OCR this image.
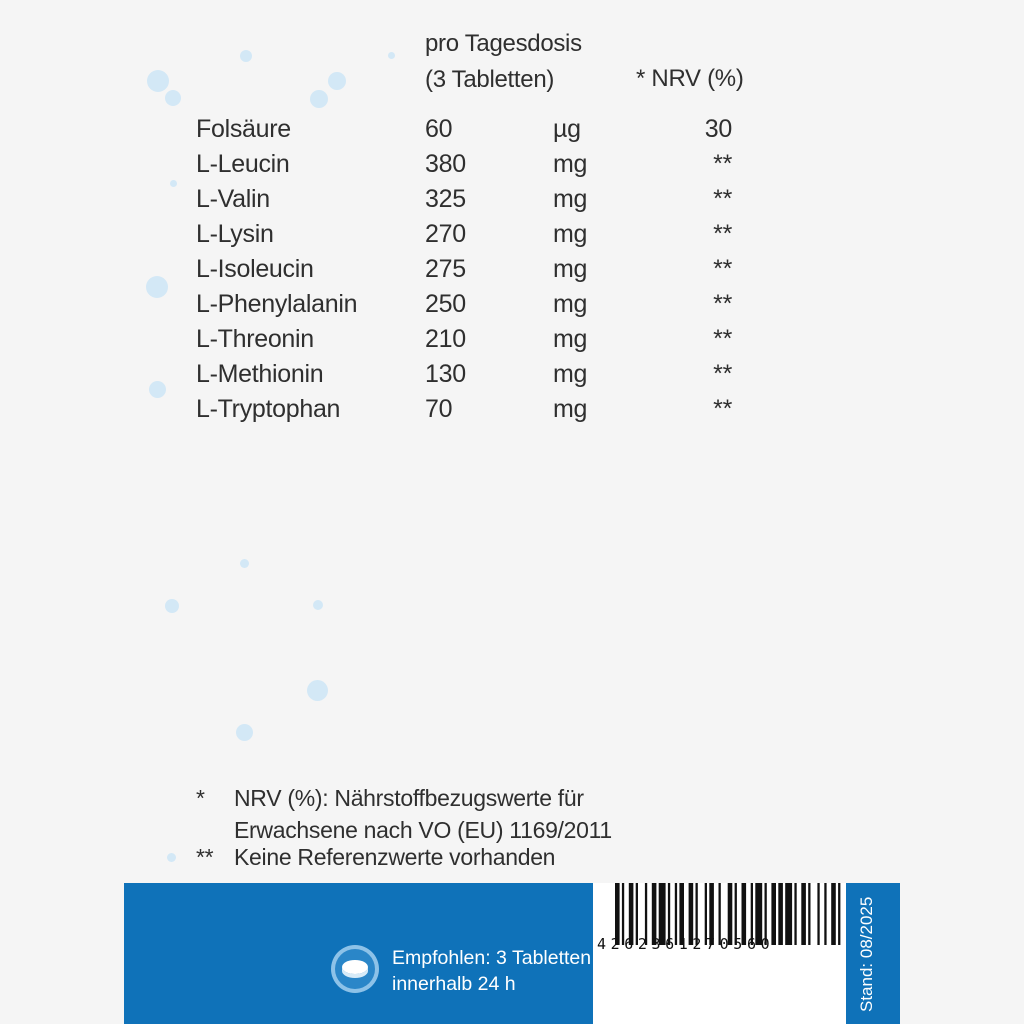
pro Tagesdosis
(3 Tabletten)	* NRV (%)
Folsäure	60	µg	30
L-Leucin	380	mg	**
L-Valin	325	mg	**
L-Lysin	270	mg	**
L-Isoleucin	275	mg	**
L-Phenylalanin	250	mg	**
L-Threonin	210	mg	**
L-Methionin	130	mg	**
L-Tryptophan	70	mg	**
* NRV (%): Nährstoffbezugswerte für
Erwachsene nach VO (EU) 1169/2011
** Keine Referenzwerte vorhanden
Empfohlen: 3 Tabletten
innerhalb 24 h
4262361270560	Stand: 08/2025
